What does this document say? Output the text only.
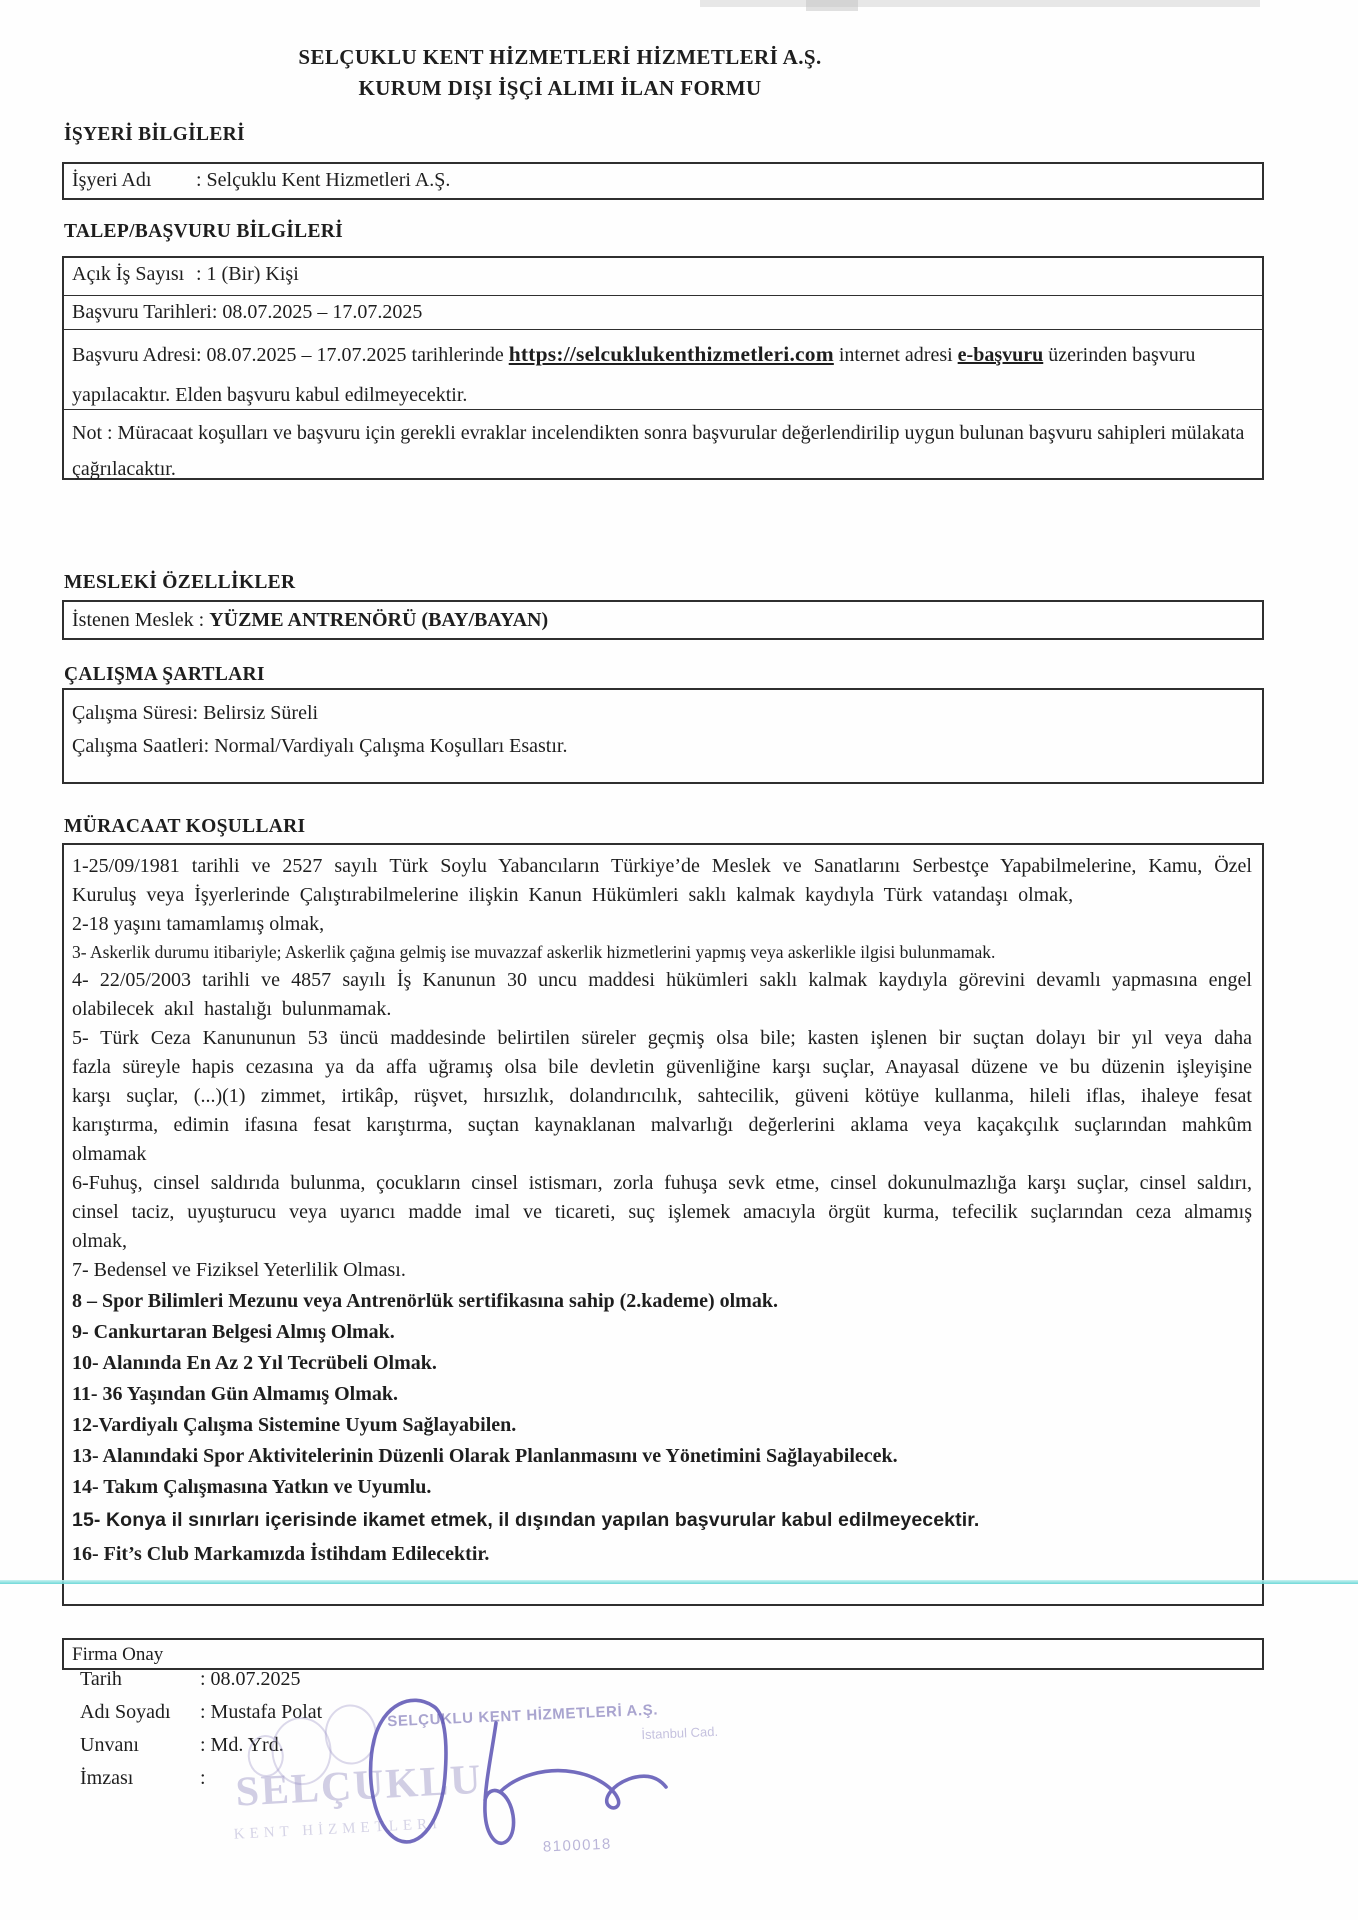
SELÇUKLU KENT HİZMETLERİ HİZMETLERİ A.Ş.
KURUM DIŞI İŞÇİ ALIMI İLAN FORMU
İŞYERİ BİLGİLERİ
İşyeri Adı : Selçuklu Kent Hizmetleri A.Ş.
TALEP/BAŞVURU BİLGİLERİ
Açık İş Sayısı : 1 (Bir) Kişi
Başvuru Tarihleri: 08.07.2025 – 17.07.2025
Başvuru Adresi: 08.07.2025 – 17.07.2025 tarihlerinde https://selcuklukenthizmetleri.com internet adresi e-başvuru üzerinden başvuru yapılacaktır. Elden başvuru kabul edilmeyecektir.
Not : Müracaat koşulları ve başvuru için gerekli evraklar incelendikten sonra başvurular değerlendirilip uygun bulunan başvuru sahipleri mülakata çağrılacaktır.
MESLEKİ ÖZELLİKLER
İstenen Meslek : YÜZME ANTRENÖRÜ (BAY/BAYAN)
ÇALIŞMA ŞARTLARI
Çalışma Süresi: Belirsiz Süreli
Çalışma Saatleri: Normal/Vardiyalı Çalışma Koşulları Esastır.
MÜRACAAT KOŞULLARI
1-25/09/1981 tarihli ve 2527 sayılı Türk Soylu Yabancıların Türkiye’de Meslek ve Sanatlarını Serbestçe Yapabilmelerine, Kamu, Özel Kuruluş veya İşyerlerinde Çalıştırabilmelerine ilişkin Kanun Hükümleri saklı kalmak kaydıyla Türk vatandaşı olmak,
2-18 yaşını tamamlamış olmak,
3- Askerlik durumu itibariyle; Askerlik çağına gelmiş ise muvazzaf askerlik hizmetlerini yapmış veya askerlikle ilgisi bulunmamak.
4- 22/05/2003 tarihli ve 4857 sayılı İş Kanunun 30 uncu maddesi hükümleri saklı kalmak kaydıyla görevini devamlı yapmasına engel olabilecek akıl hastalığı bulunmamak.
5- Türk Ceza Kanununun 53 üncü maddesinde belirtilen süreler geçmiş olsa bile; kasten işlenen bir suçtan dolayı bir yıl veya daha fazla süreyle hapis cezasına ya da affa uğramış olsa bile devletin güvenliğine karşı suçlar, Anayasal düzene ve bu düzenin işleyişine karşı suçlar, (...)(1) zimmet, irtikâp, rüşvet, hırsızlık, dolandırıcılık, sahtecilik, güveni kötüye kullanma, hileli iflas, ihaleye fesat karıştırma, edimin ifasına fesat karıştırma, suçtan kaynaklanan malvarlığı değerlerini aklama veya kaçakçılık suçlarından mahkûm olmamak
6-Fuhuş, cinsel saldırıda bulunma, çocukların cinsel istismarı, zorla fuhuşa sevk etme, cinsel dokunulmazlığa karşı suçlar, cinsel saldırı, cinsel taciz, uyuşturucu veya uyarıcı madde imal ve ticareti, suç işlemek amacıyla örgüt kurma, tefecilik suçlarından ceza almamış olmak,
7- Bedensel ve Fiziksel Yeterlilik Olması.
8 – Spor Bilimleri Mezunu veya Antrenörlük sertifikasına sahip (2.kademe) olmak.
9- Cankurtaran Belgesi Almış Olmak.
10- Alanında En Az 2 Yıl Tecrübeli Olmak.
11- 36 Yaşından Gün Almamış Olmak.
12-Vardiyalı Çalışma Sistemine Uyum Sağlayabilen.
13- Alanındaki Spor Aktivitelerinin Düzenli Olarak Planlanmasını ve Yönetimini Sağlayabilecek.
14- Takım Çalışmasına Yatkın ve Uyumlu.
15- Konya il sınırları içerisinde ikamet etmek, il dışından yapılan başvurular kabul edilmeyecektir.
16- Fit’s Club Markamızda İstihdam Edilecektir.
Firma Onay
Tarih	: 08.07.2025
Adı Soyadı : Mustafa Polat
Unvanı	: Md. Yrd.
İmzası	: SELÇUKLU
KENT HİZMETLERİ
SELÇUKLU KENT HİZMETLERİ A.Ş.
İstanbul Cad.
8100018
